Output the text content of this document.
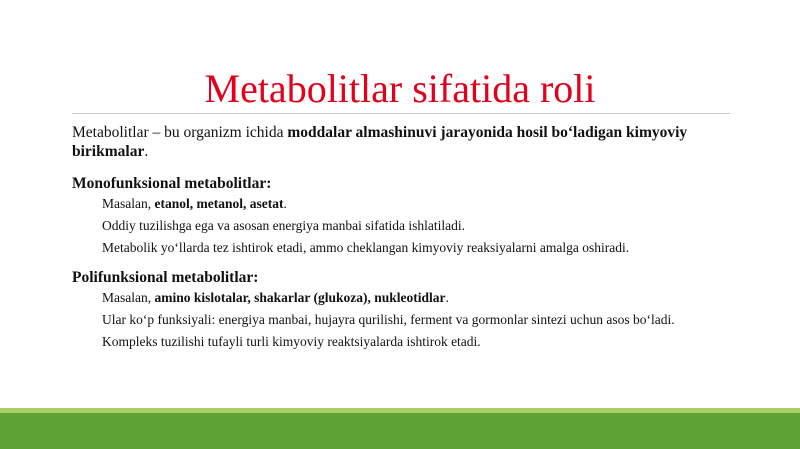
Metabolitlar sifatida roli

Metabolitlar – bu organizm ichida moddalar almashinuvi jarayonida hosil bo‘ladigan kimyoviy birikmalar.

Monofunksional metabolitlar:
Masalan, etanol, metanol, asetat.
Oddiy tuzilishga ega va asosan energiya manbai sifatida ishlatiladi.
Metabolik yo‘llarda tez ishtirok etadi, ammo cheklangan kimyoviy reaksiyalarni amalga oshiradi.
Polifunksional metabolitlar:
Masalan, amino kislotalar, shakarlar (glukoza), nukleotidlar.
Ular ko‘p funksiyali: energiya manbai, hujayra qurilishi, ferment va gormonlar sintezi uchun asos bo‘ladi.
Kompleks tuzilishi tufayli turli kimyoviy reaktsiyalarda ishtirok etadi.
